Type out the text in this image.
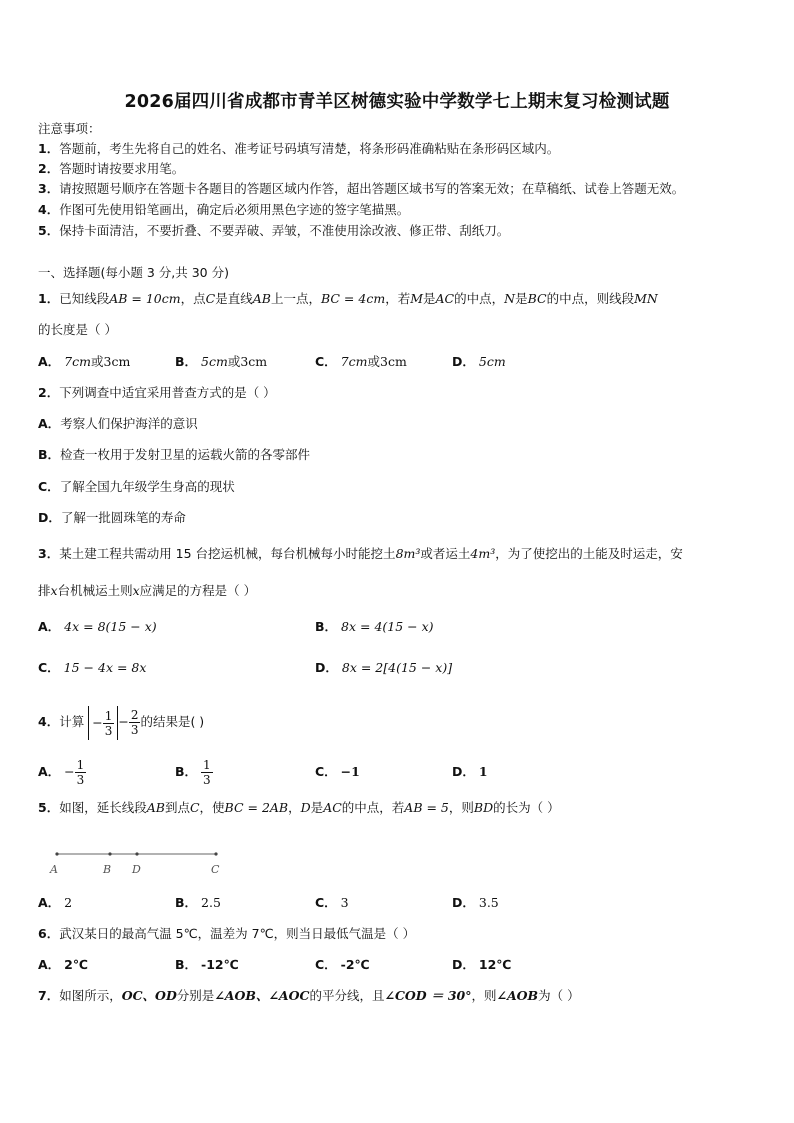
2026届四川省成都市青羊区树德实验中学数学七上期末复习检测试题
注意事项：
1．答题前，考生先将自己的姓名、准考证号码填写清楚，将条形码准确粘贴在条形码区域内。
2．答题时请按要求用笔。
3．请按照题号顺序在答题卡各题目的答题区域内作答，超出答题区域书写的答案无效；在草稿纸、试卷上答题无效。
4．作图可先使用铅笔画出，确定后必须用黑色字迹的签字笔描黑。
5．保持卡面清洁，不要折叠、不要弄破、弄皱，不准使用涂改液、修正带、刮纸刀。
一、选择题(每小题 3 分,共 30 分)
1．已知线段AB = 10cm，点C是直线AB上一点，BC = 4cm，若M是AC的中点，N是BC的中点，则线段MN
的长度是（ ）
A． 7cm或3cm	B． 5cm或3cm	C． 7cm或3cm	D． 5cm
2．下列调查中适宜采用普查方式的是（ ）
A．考察人们保护海洋的意识
B．检查一枚用于发射卫星的运载火箭的各零部件
C．了解全国九年级学生身高的现状
D．了解一批圆珠笔的寿命
3．某土建工程共需动用 15 台挖运机械，每台机械每小时能挖土8m³或者运土4m³，为了使挖出的土能及时运走，安
排x台机械运土则x应满足的方程是（ ）
A． 4x = 8(15 − x)	B． 8x = 4(15 − x)
C． 15 − 4x = 8x	D． 8x = 2[4(15 − x)]
4．计算 − $\frac{1}{3} - \frac{2}{3}$ 的结果是( )
A． − $\frac{1}{3}$	B． $\frac{1}{3}$	C． −1	D． 1
5．如图，延长线段AB到点C，使BC = 2AB，D是AC的中点，若AB = 5，则BD的长为（ ）
A	B D	C
A． 2	B． 2.5	C． 3	D． 3.5
6．武汉某日的最高气温 5℃，温差为 7℃，则当日最低气温是（ ）
A． 2℃	B． -12℃	C． -2℃	D． 12℃
7．如图所示，OC、OD分别是∠AOB、∠AOC的平分线，且∠COD ＝ 30°，则∠AOB为（ ）
